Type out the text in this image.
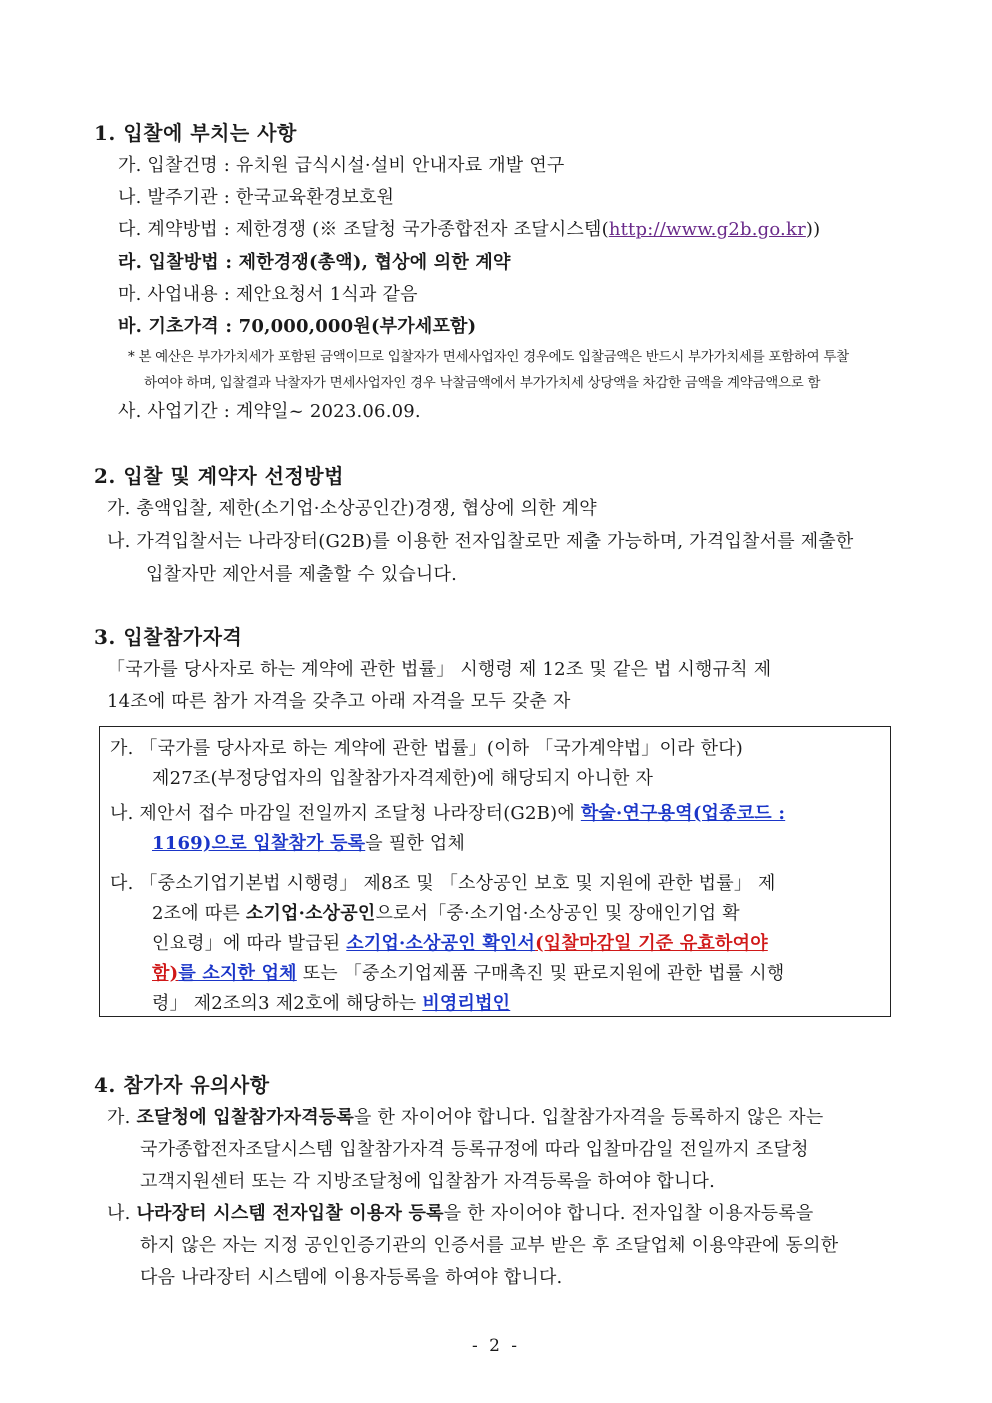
1. 입찰에 부치는 사항
가. 입찰건명 : 유치원 급식시설·설비 안내자료 개발 연구
나. 발주기관 : 한국교육환경보호원
다. 계약방법 : 제한경쟁 (※ 조달청 국가종합전자 조달시스템(http://www.g2b.go.kr))
라. 입찰방법 : 제한경쟁(총액), 협상에 의한 계약
마. 사업내용 : 제안요청서 1식과 같음
바. 기초가격 : 70,000,000원(부가세포함)
* 본 예산은 부가가치세가 포함된 금액이므로 입찰자가 면세사업자인 경우에도 입찰금액은 반드시 부가가치세를 포함하여 투찰
하여야 하며, 입찰결과 낙찰자가 면세사업자인 경우 낙찰금액에서 부가가치세 상당액을 차감한 금액을 계약금액으로 함
사. 사업기간 : 계약일~ 2023.06.09.
2. 입찰 및 계약자 선정방법
가. 총액입찰, 제한(소기업·소상공인간)경쟁, 협상에 의한 계약
나. 가격입찰서는 나라장터(G2B)를 이용한 전자입찰로만 제출 가능하며, 가격입찰서를 제출한
입찰자만 제안서를 제출할 수 있습니다.
3. 입찰참가자격
「국가를 당사자로 하는 계약에 관한 법률」 시행령 제 12조 및 같은 법 시행규칙 제
14조에 따른 참가 자격을 갖추고 아래 자격을 모두 갖춘 자
가. 「국가를 당사자로 하는 계약에 관한 법률」(이하 「국가계약법」이라 한다)
제27조(부정당업자의 입찰참가자격제한)에 해당되지 아니한 자
나. 제안서 접수 마감일 전일까지 조달청 나라장터(G2B)에 학술·연구용역(업종코드 :
1169)으로 입찰참가 등록을 필한 업체
다. 「중소기업기본법 시행령」 제8조 및 「소상공인 보호 및 지원에 관한 법률」 제
2조에 따른 소기업·소상공인으로서「중·소기업·소상공인 및 장애인기업 확
인요령」에 따라 발급된 소기업·소상공인 확인서(입찰마감일 기준 유효하여야
함)를 소지한 업체 또는 「중소기업제품 구매촉진 및 판로지원에 관한 법률 시행
령」 제2조의3 제2호에 해당하는 비영리법인
4. 참가자 유의사항
가. 조달청에 입찰참가자격등록을 한 자이어야 합니다. 입찰참가자격을 등록하지 않은 자는
국가종합전자조달시스템 입찰참가자격 등록규정에 따라 입찰마감일 전일까지 조달청
고객지원센터 또는 각 지방조달청에 입찰참가 자격등록을 하여야 합니다.
나. 나라장터 시스템 전자입찰 이용자 등록을 한 자이어야 합니다. 전자입찰 이용자등록을
하지 않은 자는 지정 공인인증기관의 인증서를 교부 받은 후 조달업체 이용약관에 동의한
다음 나라장터 시스템에 이용자등록을 하여야 합니다.
- 2 -
